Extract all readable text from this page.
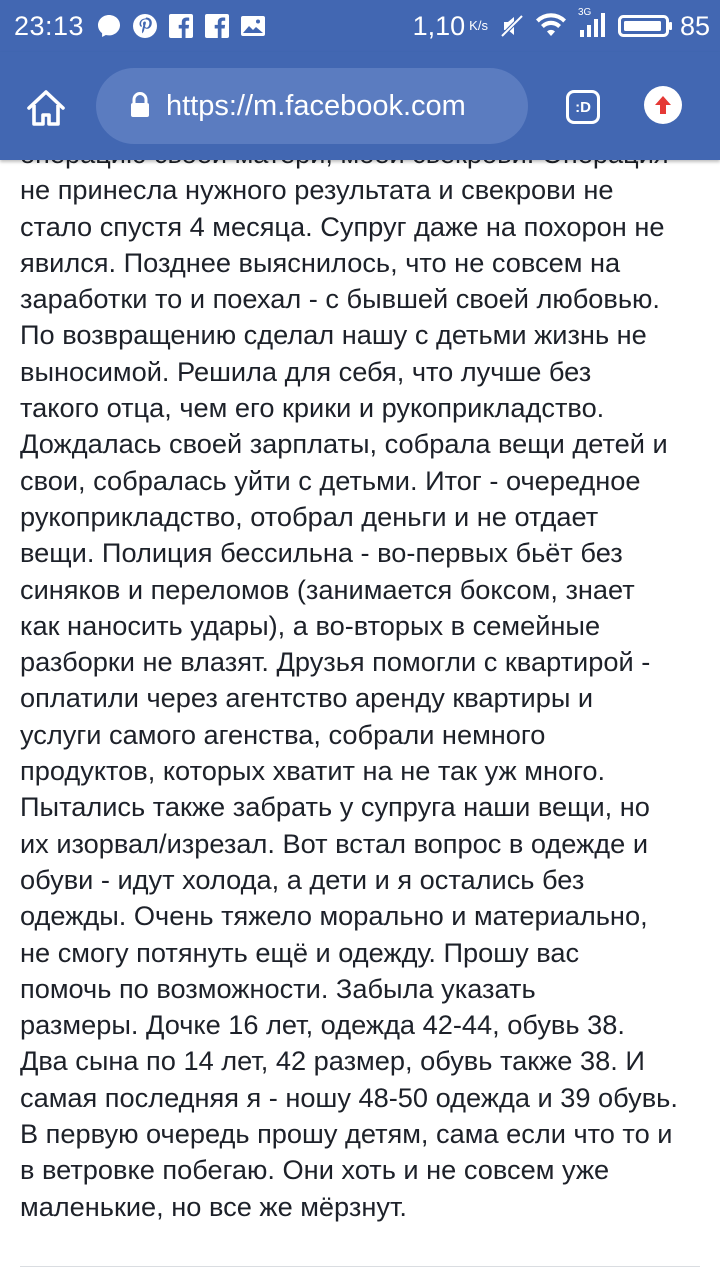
23:13	1,10 K/s
3G	85
https://m.facebook.com	:D
не принесла нужного результата и свекрови не
стало спустя 4 месяца. Супруг даже на похорон не
явился. Позднее выяснилось, что не совсем на
заработки то и поехал - с бывшей своей любовью.
По возвращению сделал нашу с детьми жизнь не
выносимой. Решила для себя, что лучше без
такого отца, чем его крики и рукоприкладство.
Дождалась своей зарплаты, собрала вещи детей и
свои, собралась уйти с детьми. Итог - очередное
рукоприкладство, отобрал деньги и не отдает
вещи. Полиция бессильна - во-первых бьёт без
синяков и переломов (занимается боксом, знает
как наносить удары), а во-вторых в семейные
разборки не влазят. Друзья помогли с квартирой -
оплатили через агентство аренду квартиры и
услуги самого агенства, собрали немного
продуктов, которых хватит на не так уж много.
Пытались также забрать у супруга наши вещи, но
их изорвал/изрезал. Вот встал вопрос в одежде и
обуви - идут холода, а дети и я остались без
одежды. Очень тяжело морально и материально,
не смогу потянуть ещё и одежду. Прошу вас
помочь по возможности. Забыла указать
размеры. Дочке 16 лет, одежда 42-44, обувь 38.
Два сына по 14 лет, 42 размер, обувь также 38. И
самая последняя я - ношу 48-50 одежда и 39 обувь.
В первую очередь прошу детям, сама если что то и
в ветровке побегаю. Они хоть и не совсем уже
маленькие, но все же мёрзнут.
